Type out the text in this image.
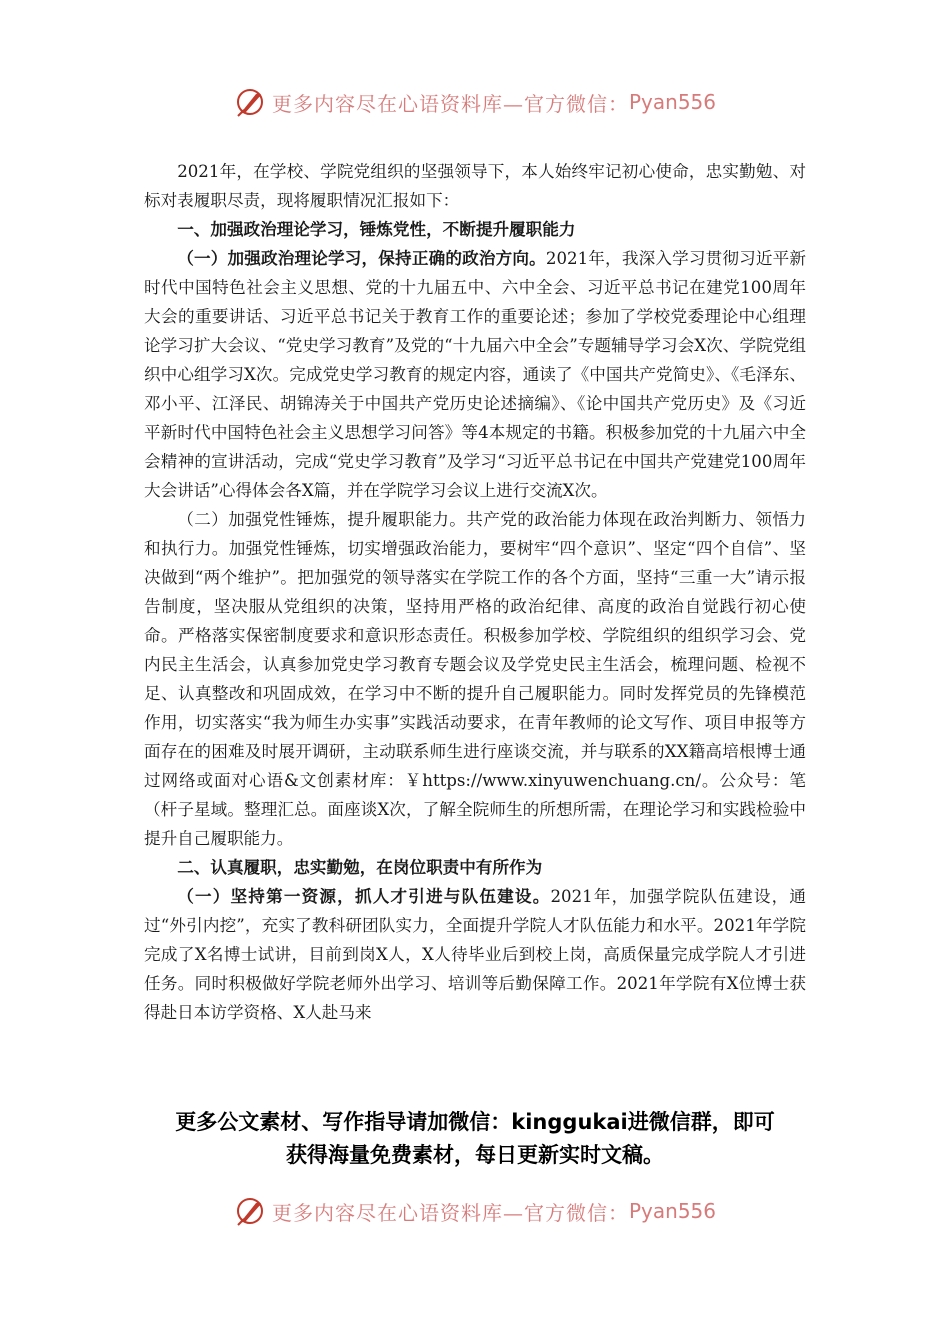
更多内容尽在心语资料库—官方微信： Pyan556

2021年，在学校、学院党组织的坚强领导下，本人始终牢记初心使命，忠实勤勉、对标对表履职尽责，现将履职情况汇报如下：

一、加强政治理论学习，锤炼党性，不断提升履职能力

（一）加强政治理论学习，保持正确的政治方向。2021年，我深入学习贯彻习近平新时代中国特色社会主义思想、党的十九届五中、六中全会、习近平总书记在建党100周年大会的重要讲话、习近平总书记关于教育工作的重要论述；参加了学校党委理论中心组理论学习扩大会议、“党史学习教育”及党的“十九届六中全会”专题辅导学习会X次、学院党组织中心组学习X次。完成党史学习教育的规定内容，通读了《中国共产党简史》、《毛泽东、邓小平、江泽民、胡锦涛关于中国共产党历史论述摘编》、《论中国共产党历史》及《习近平新时代中国特色社会主义思想学习问答》等4本规定的书籍。积极参加党的十九届六中全会精神的宣讲活动，完成“党史学习教育”及学习“习近平总书记在中国共产党建党100周年大会讲话”心得体会各X篇，并在学院学习会议上进行交流X次。

（二）加强党性锤炼，提升履职能力。共产党的政治能力体现在政治判断力、领悟力和执行力。加强党性锤炼，切实增强政治能力，要树牢“四个意识”、坚定“四个自信”、坚决做到“两个维护”。把加强党的领导落实在学院工作的各个方面，坚持“三重一大”请示报告制度，坚决服从党组织的决策，坚持用严格的政治纪律、高度的政治自觉践行初心使命。严格落实保密制度要求和意识形态责任。积极参加学校、学院组织的组织学习会、党内民主生活会，认真参加党史学习教育专题会议及学党史民主生活会，梳理问题、检视不足、认真整改和巩固成效，在学习中不断的提升自己履职能力。同时发挥党员的先锋模范作用，切实落实“我为师生办实事”实践活动要求，在青年教师的论文写作、项目申报等方面存在的困难及时展开调研，主动联系师生进行座谈交流，并与联系的XX籍高培根博士通过网络或面对心语&文创素材库：￥https://www.xinyuwenchuang.cn/。公众号：笔（杆子星域。整理汇总。面座谈X次，了解全院师生的所想所需，在理论学习和实践检验中提升自己履职能力。

二、认真履职，忠实勤勉，在岗位职责中有所作为

（一）坚持第一资源，抓人才引进与队伍建设。2021年，加强学院队伍建设，通过“外引内挖”，充实了教科研团队实力，全面提升学院人才队伍能力和水平。2021年学院完成了X名博士试讲，目前到岗X人，X人待毕业后到校上岗，高质保量完成学院人才引进任务。同时积极做好学院老师外出学习、培训等后勤保障工作。2021年学院有X位博士获得赴日本访学资格、X人赴马来

更多公文素材、写作指导请加微信：kinggukai进微信群，即可
获得海量免费素材，每日更新实时文稿。
更多内容尽在心语资料库—官方微信： Pyan556
